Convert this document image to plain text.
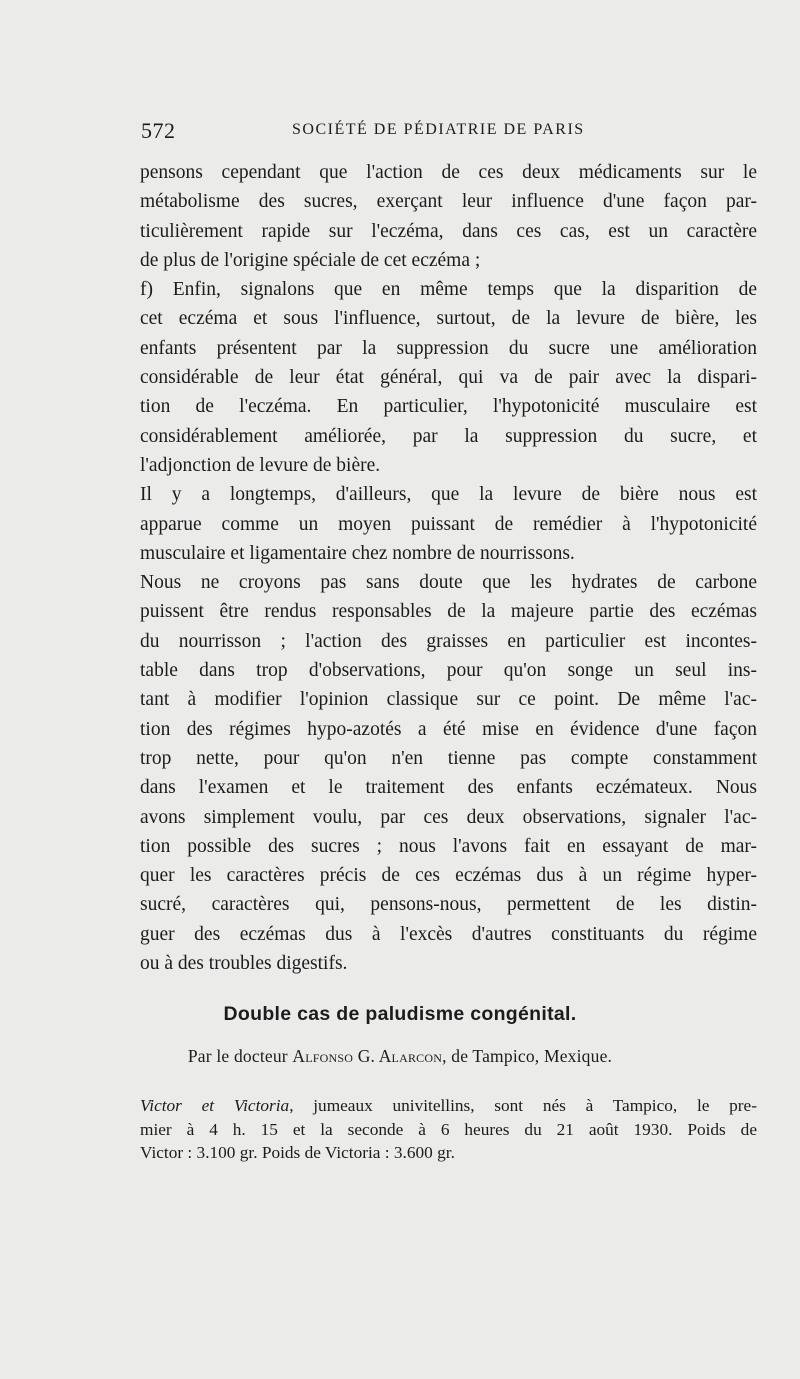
572	SOCIÉTÉ DE PÉDIATRIE DE PARIS
pensons cependant que l'action de ces deux médicaments sur le
métabolisme des sucres, exerçant leur influence d'une façon par-
ticulièrement rapide sur l'eczéma, dans ces cas, est un caractère
de plus de l'origine spéciale de cet eczéma ;
f) Enfin, signalons que en même temps que la disparition de
cet eczéma et sous l'influence, surtout, de la levure de bière, les
enfants présentent par la suppression du sucre une amélioration
considérable de leur état général, qui va de pair avec la dispari-
tion de l'eczéma. En particulier, l'hypotonicité musculaire est
considérablement améliorée, par la suppression du sucre, et
l'adjonction de levure de bière.
Il y a longtemps, d'ailleurs, que la levure de bière nous est
apparue comme un moyen puissant de remédier à l'hypotonicité
musculaire et ligamentaire chez nombre de nourrissons.
Nous ne croyons pas sans doute que les hydrates de carbone
puissent être rendus responsables de la majeure partie des eczémas
du nourrisson ; l'action des graisses en particulier est incontes-
table dans trop d'observations, pour qu'on songe un seul ins-
tant à modifier l'opinion classique sur ce point. De même l'ac-
tion des régimes hypo-azotés a été mise en évidence d'une façon
trop nette, pour qu'on n'en tienne pas compte constamment
dans l'examen et le traitement des enfants eczémateux. Nous
avons simplement voulu, par ces deux observations, signaler l'ac-
tion possible des sucres ; nous l'avons fait en essayant de mar-
quer les caractères précis de ces eczémas dus à un régime hyper-
sucré, caractères qui, pensons-nous, permettent de les distin-
guer des eczémas dus à l'excès d'autres constituants du régime
ou à des troubles digestifs.
Double cas de paludisme congénital.
Par le docteur Alfonso G. Alarcon, de Tampico, Mexique.
Victor et Victoria, jumeaux univitellins, sont nés à Tampico, le pre-
mier à 4 h. 15 et la seconde à 6 heures du 21 août 1930. Poids de
Victor : 3.100 gr. Poids de Victoria : 3.600 gr.
